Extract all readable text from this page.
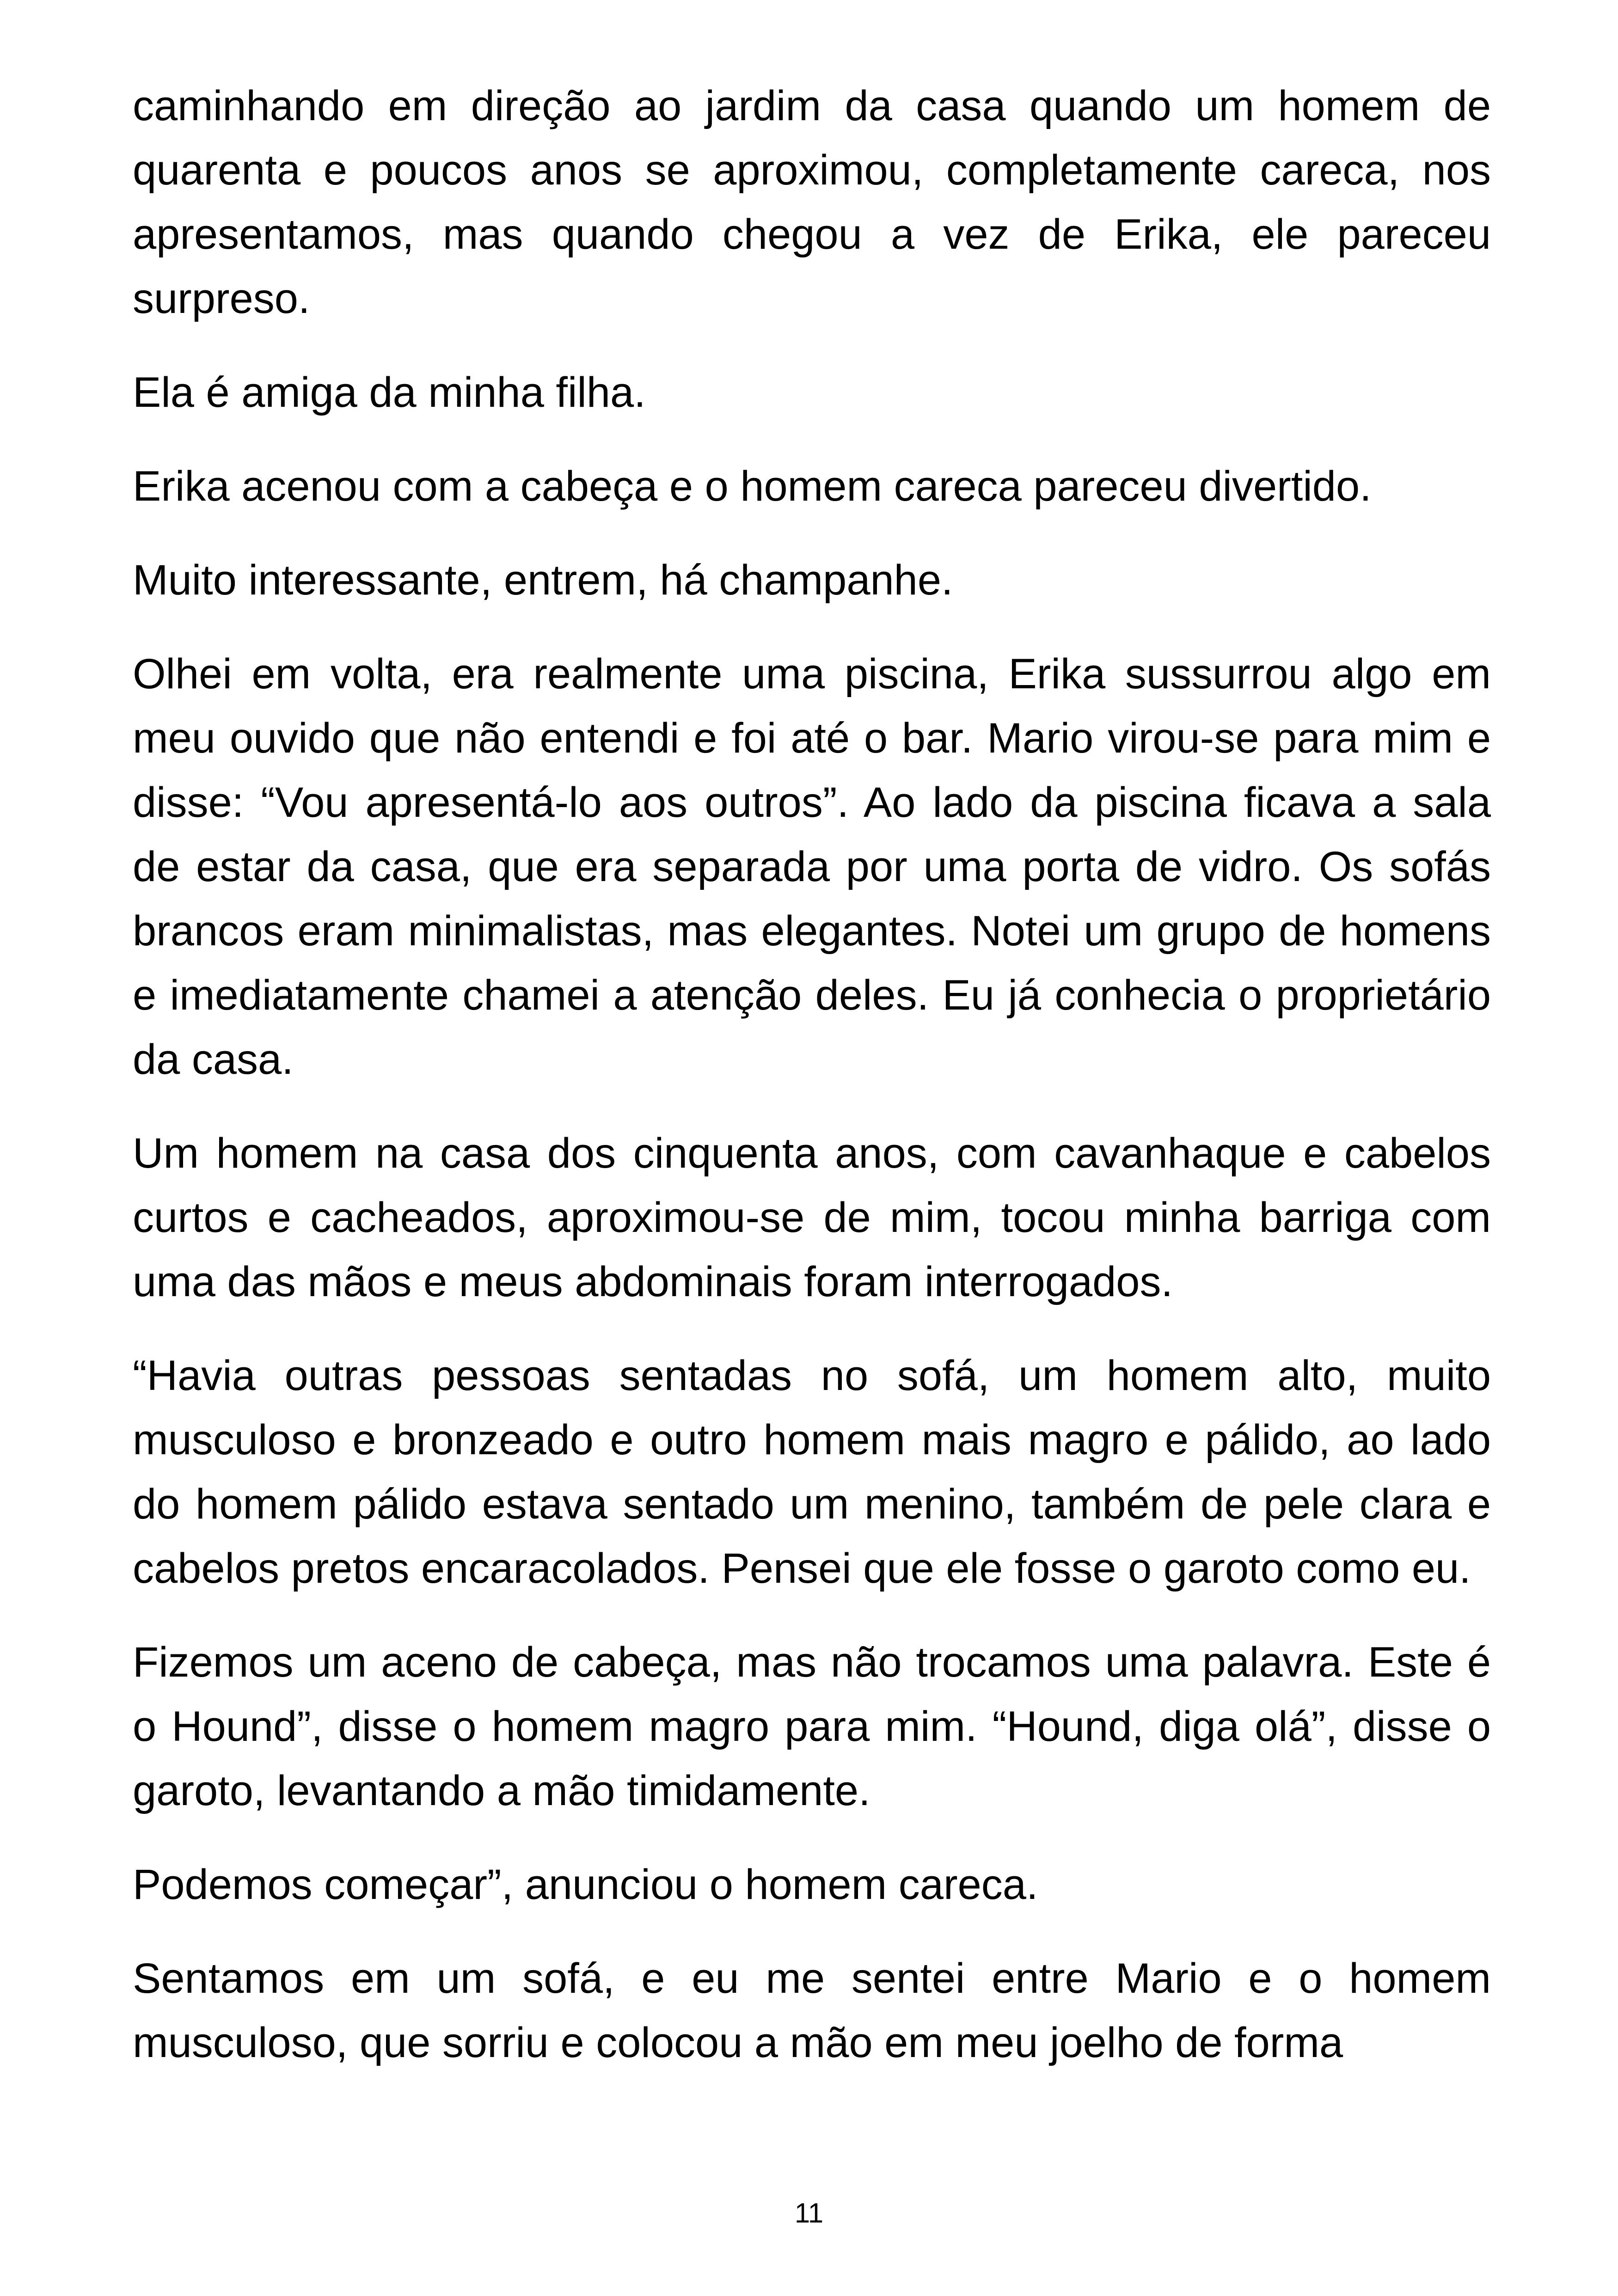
caminhando em direção ao jardim da casa quando um homem de quarenta e poucos anos se aproximou, completamente careca, nos apresentamos, mas quando chegou a vez de Erika, ele pareceu surpreso.

Ela é amiga da minha filha.

Erika acenou com a cabeça e o homem careca pareceu divertido.

Muito interessante, entrem, há champanhe.

Olhei em volta, era realmente uma piscina, Erika sussurrou algo em meu ouvido que não entendi e foi até o bar. Mario virou-se para mim e disse: “Vou apresentá-lo aos outros”. Ao lado da piscina ficava a sala de estar da casa, que era separada por uma porta de vidro. Os sofás brancos eram minimalistas, mas elegantes. Notei um grupo de homens e imediatamente chamei a atenção deles. Eu já conhecia o proprietário da casa.

Um homem na casa dos cinquenta anos, com cavanhaque e cabelos curtos e cacheados, aproximou-se de mim, tocou minha barriga com uma das mãos e meus abdominais foram interrogados.

“Havia outras pessoas sentadas no sofá, um homem alto, muito musculoso e bronzeado e outro homem mais magro e pálido, ao lado do homem pálido estava sentado um menino, também de pele clara e cabelos pretos encaracolados. Pensei que ele fosse o garoto como eu.

Fizemos um aceno de cabeça, mas não trocamos uma palavra. Este é o Hound”, disse o homem magro para mim. “Hound, diga olá”, disse o garoto, levantando a mão timidamente.

Podemos começar”, anunciou o homem careca.

Sentamos em um sofá, e eu me sentei entre Mario e o homem musculoso, que sorriu e colocou a mão em meu joelho de forma

11
